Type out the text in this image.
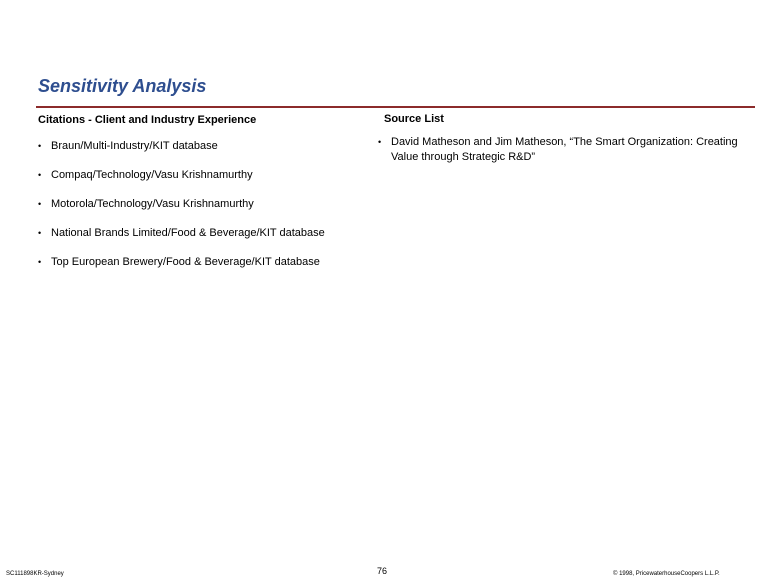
Sensitivity Analysis
Citations - Client and Industry Experience	Source List
• Braun/Multi-Industry/KIT database
• Compaq/Technology/Vasu Krishnamurthy
• Motorola/Technology/Vasu Krishnamurthy
• National Brands Limited/Food & Beverage/KIT database
• Top European Brewery/Food & Beverage/KIT database
• David Matheson and Jim Matheson, “The Smart Organization: Creating Value through Strategic R&D”
SC111898KR-Sydney	76	© 1998, PricewaterhouseCoopers L.L.P.
